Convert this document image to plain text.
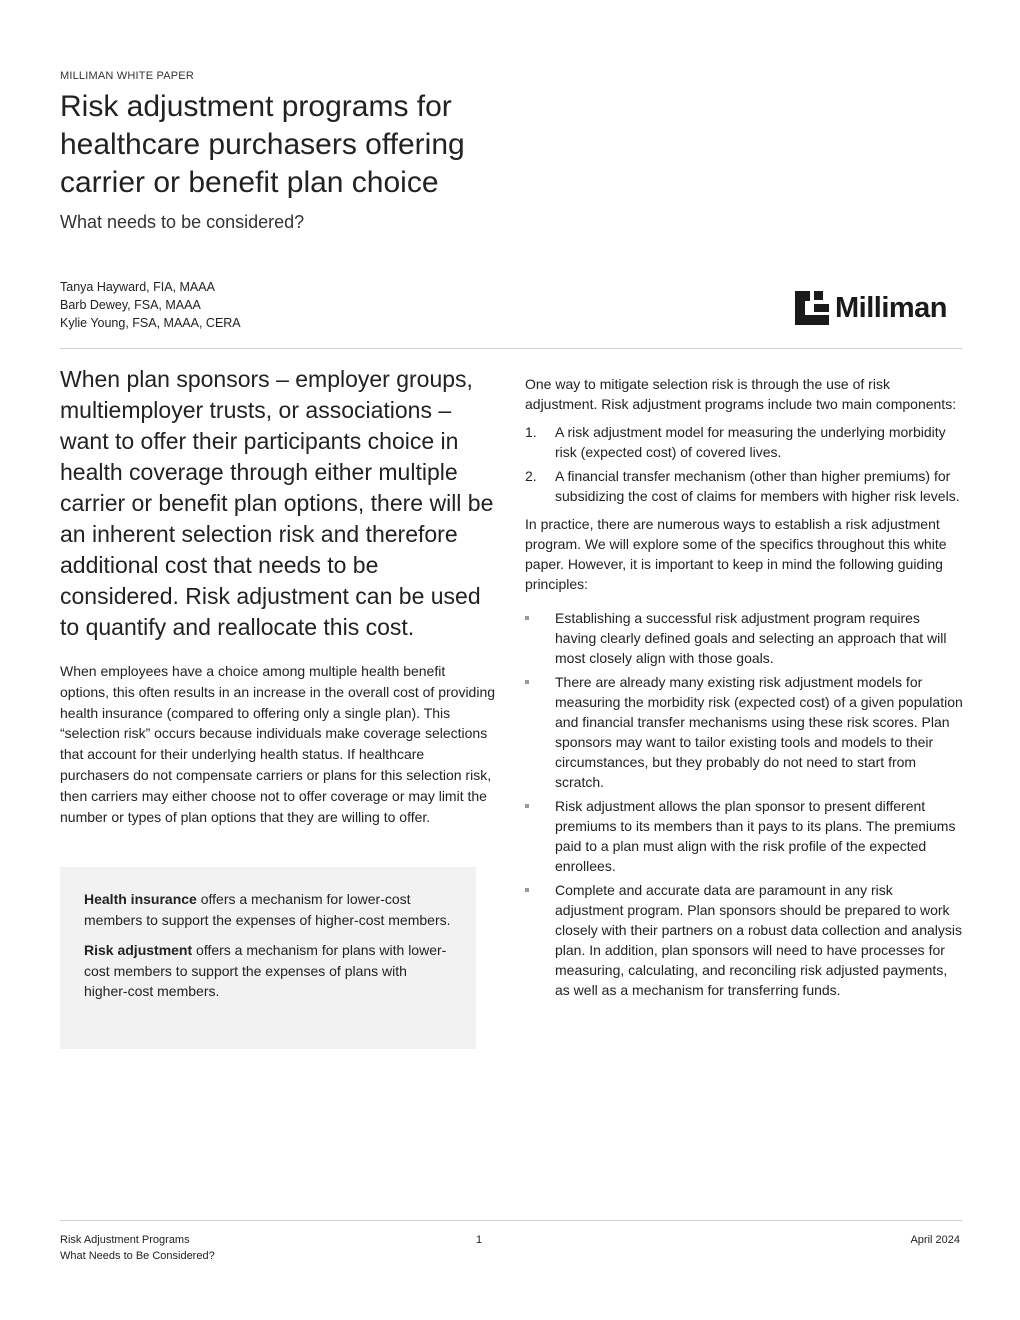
MILLIMAN WHITE PAPER
Risk adjustment programs for healthcare purchasers offering carrier or benefit plan choice
What needs to be considered?
Tanya Hayward, FIA, MAAA
Barb Dewey, FSA, MAAA
Kylie Young, FSA, MAAA, CERA	Milliman

When plan sponsors – employer groups, multiemployer trusts, or associations – want to offer their participants choice in health coverage through either multiple carrier or benefit plan options, there will be an inherent selection risk and therefore additional cost that needs to be considered. Risk adjustment can be used to quantify and reallocate this cost.

When employees have a choice among multiple health benefit options, this often results in an increase in the overall cost of providing health insurance (compared to offering only a single plan). This “selection risk” occurs because individuals make coverage selections that account for their underlying health status. If healthcare purchasers do not compensate carriers or plans for this selection risk, then carriers may either choose not to offer coverage or may limit the number or types of plan options that they are willing to offer.

Health insurance offers a mechanism for lower-cost members to support the expenses of higher-cost members.

Risk adjustment offers a mechanism for plans with lower-cost members to support the expenses of plans with higher-cost members.

One way to mitigate selection risk is through the use of risk adjustment. Risk adjustment programs include two main components:

1. A risk adjustment model for measuring the underlying morbidity risk (expected cost) of covered lives.
2. A financial transfer mechanism (other than higher premiums) for subsidizing the cost of claims for members with higher risk levels.

In practice, there are numerous ways to establish a risk adjustment program. We will explore some of the specifics throughout this white paper. However, it is important to keep in mind the following guiding principles:

Establishing a successful risk adjustment program requires having clearly defined goals and selecting an approach that will most closely align with those goals.
There are already many existing risk adjustment models for measuring the morbidity risk (expected cost) of a given population and financial transfer mechanisms using these risk scores. Plan sponsors may want to tailor existing tools and models to their circumstances, but they probably do not need to start from scratch.
Risk adjustment allows the plan sponsor to present different premiums to its members than it pays to its plans. The premiums paid to a plan must align with the risk profile of the expected enrollees.
Complete and accurate data are paramount in any risk adjustment program. Plan sponsors should be prepared to work closely with their partners on a robust data collection and analysis plan. In addition, plan sponsors will need to have processes for measuring, calculating, and reconciling risk adjusted payments, as well as a mechanism for transferring funds.
Risk Adjustment Programs
What Needs to Be Considered?
1	April 2024
